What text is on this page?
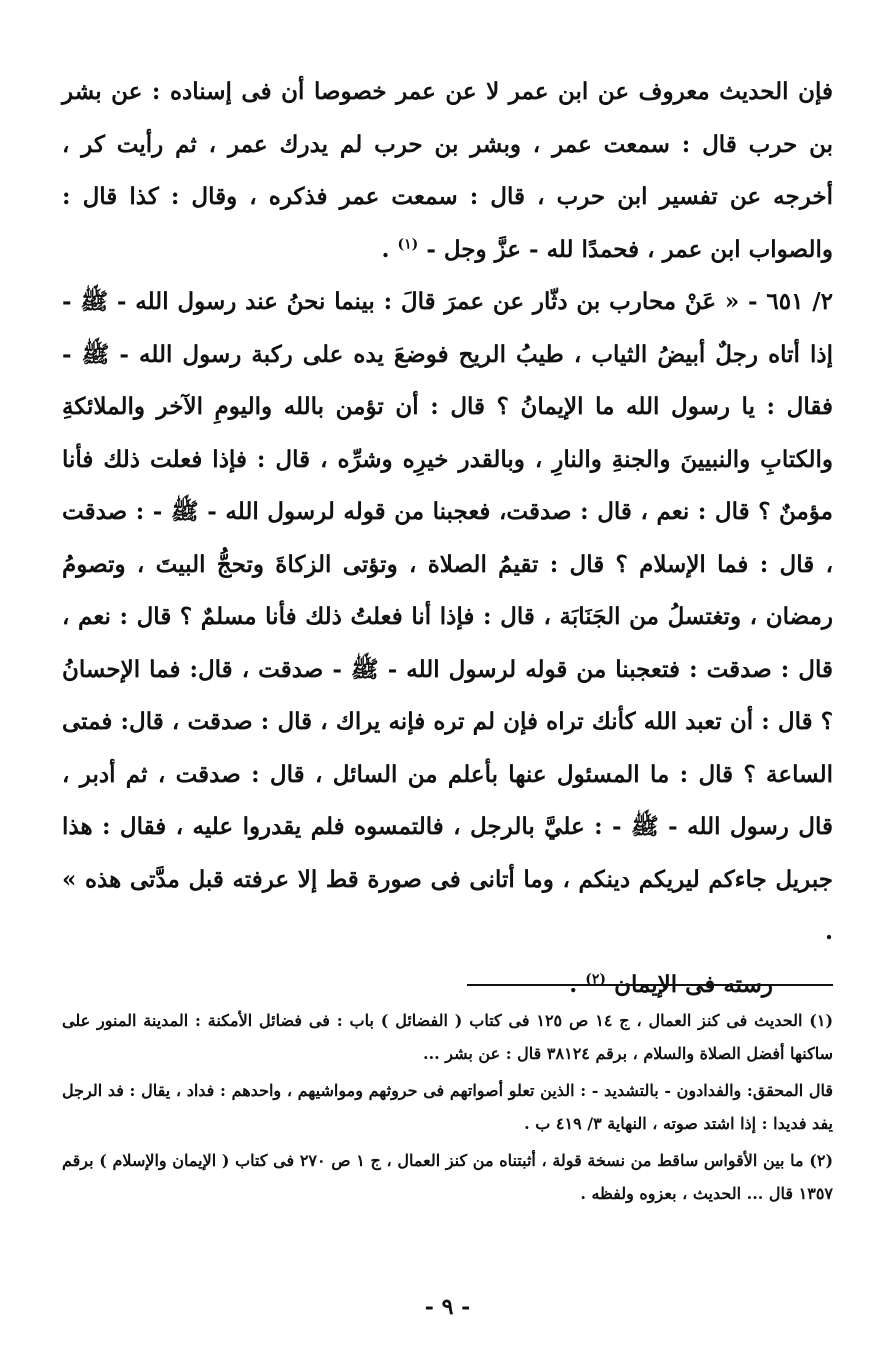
فإن الحديث معروف عن ابن عمر لا عن عمر خصوصا أن فى إسناده : عن بشر بن حرب قال : سمعت عمر ، وبشر بن حرب لم يدرك عمر ، ثم رأيت كر ، أخرجه عن تفسير ابن حرب ، قال : سمعت عمر فذكره ، وقال : كذا قال : والصواب ابن عمر ، فحمدًا لله - عزَّ وجل - $^{(١)}$ .

٢/ ٦٥١ - « عَنْ محارب بن دثّار عن عمرَ قالَ : بينما نحنُ عند رسول الله - ﷺ - إذا أتاه رجلٌ أبيضُ الثياب ، طيبُ الريح فوضعَ يده على ركبة رسول الله - ﷺ - فقال : يا رسول الله ما الإيمانُ ؟ قال : أن تؤمن بالله واليومِ الآخر والملائكةِ والكتابِ والنبيينَ والجنةِ والنارِ ، وبالقدر خيرِه وشرِّه ، قال : فإذا فعلت ذلك فأنا مؤمنٌ ؟ قال : نعم ، قال : صدقت، فعجبنا من قوله لرسول الله - ﷺ - : صدقت ، قال : فما الإسلام ؟ قال : تقيمُ الصلاة ، وتؤتى الزكاةَ وتحجُّ البيتَ ، وتصومُ رمضان ، وتغتسلُ من الجَنَابَة ، قال : فإذا أنا فعلتُ ذلك فأنا مسلمٌ ؟ قال : نعم ، قال : صدقت : فتعجبنا من قوله لرسول الله - ﷺ - صدقت ، قال: فما الإحسانُ ؟ قال : أن تعبد الله كأنك تراه فإن لم تره فإنه يراك ، قال : صدقت ، قال: فمتى الساعة ؟ قال : ما المسئول عنها بأعلم من السائل ، قال : صدقت ، ثم أدبر ، قال رسول الله - ﷺ - : عليَّ بالرجل ، فالتمسوه فلم يقدروا عليه ، فقال : هذا جبريل جاءكم ليريكم دينكم ، وما أتانى فى صورة قط إلا عرفته قبل مدَّتى هذه » .

رسته فى الإيمان $^{(٢)}$ .

(١) الحديث فى كنز العمال ، ج ١٤ ص ١٢٥ فى كتاب ( الفضائل ) باب : فى فضائل الأمكنة : المدينة المنور على ساكنها أفضل الصلاة والسلام ، برقم ٣٨١٢٤ قال : عن بشر ...

قال المحقق: والفدادون - بالتشديد - : الذين تعلو أصواتهم فى حروثهم ومواشيهم ، واحدهم : فداد ، يقال : فد الرجل يفد فديدا : إذا اشتد صوته ، النهاية ٣/ ٤١٩ ب .

(٢) ما بين الأقواس ساقط من نسخة قولة ، أثبتناه من كنز العمال ، ج ١ ص ٢٧٠ فى كتاب ( الإيمان والإسلام ) برقم ١٣٥٧ قال ... الحديث ، بعزوه ولفظه .

- ٩ -
